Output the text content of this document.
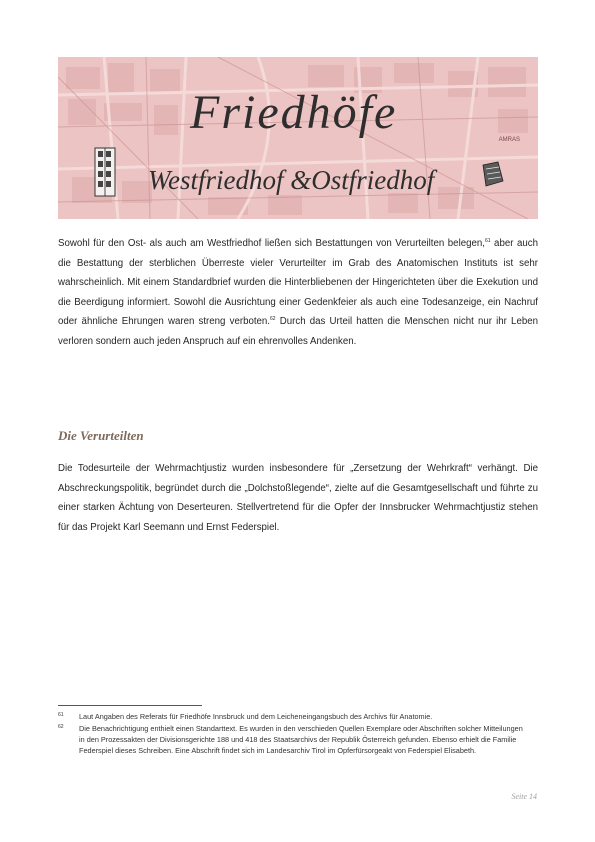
Friedhöfe
Westfriedhof &Ostfriedhof
AMRAS

Sowohl für den Ost- als auch am Westfriedhof ließen sich Bestattungen von Verurteilten belegen,$^{61}$ aber auch die Bestattung der sterblichen Überreste vieler Verurteilter im Grab des Anatomischen Instituts ist sehr wahrscheinlich. Mit einem Standardbrief wurden die Hinterbliebenen der Hingerichteten über die Exekution und die Beerdigung informiert. Sowohl die Ausrichtung einer Gedenkfeier als auch eine Todesanzeige, ein Nachruf oder ähnliche Ehrungen waren streng verboten.$^{62}$ Durch das Urteil hatten die Menschen nicht nur ihr Leben verloren sondern auch jeden Anspruch auf ein ehrenvolles Andenken.

Die Verurteilten

Die Todesurteile der Wehrmachtjustiz wurden insbesondere für „Zersetzung der Wehrkraft“ verhängt. Die Abschreckungspolitik, begründet durch die „Dolchstoßlegende“, zielte auf die Gesamtgesellschaft und führte zu einer starken Ächtung von Deserteuren. Stellvertretend für die Opfer der Innsbrucker Wehrmachtjustiz stehen für das Projekt Karl Seemann und Ernst Federspiel.

61 Laut Angaben des Referats für Friedhöfe Innsbruck und dem Leicheneingangsbuch des Archivs für Anatomie.
62 Die Benachrichtigung enthielt einen Standarttext. Es wurden in den verschieden Quellen Exemplare oder Abschriften solcher Mitteilungen in den Prozessakten der Divisionsgerichte 188 und 418 des Staatsarchivs der Republik Österreich gefunden. Ebenso erhielt die Familie Federspiel dieses Schreiben. Eine Abschrift findet sich im Landesarchiv Tirol im Opferfürsorgeakt von Federspiel Elisabeth.
Seite 14
